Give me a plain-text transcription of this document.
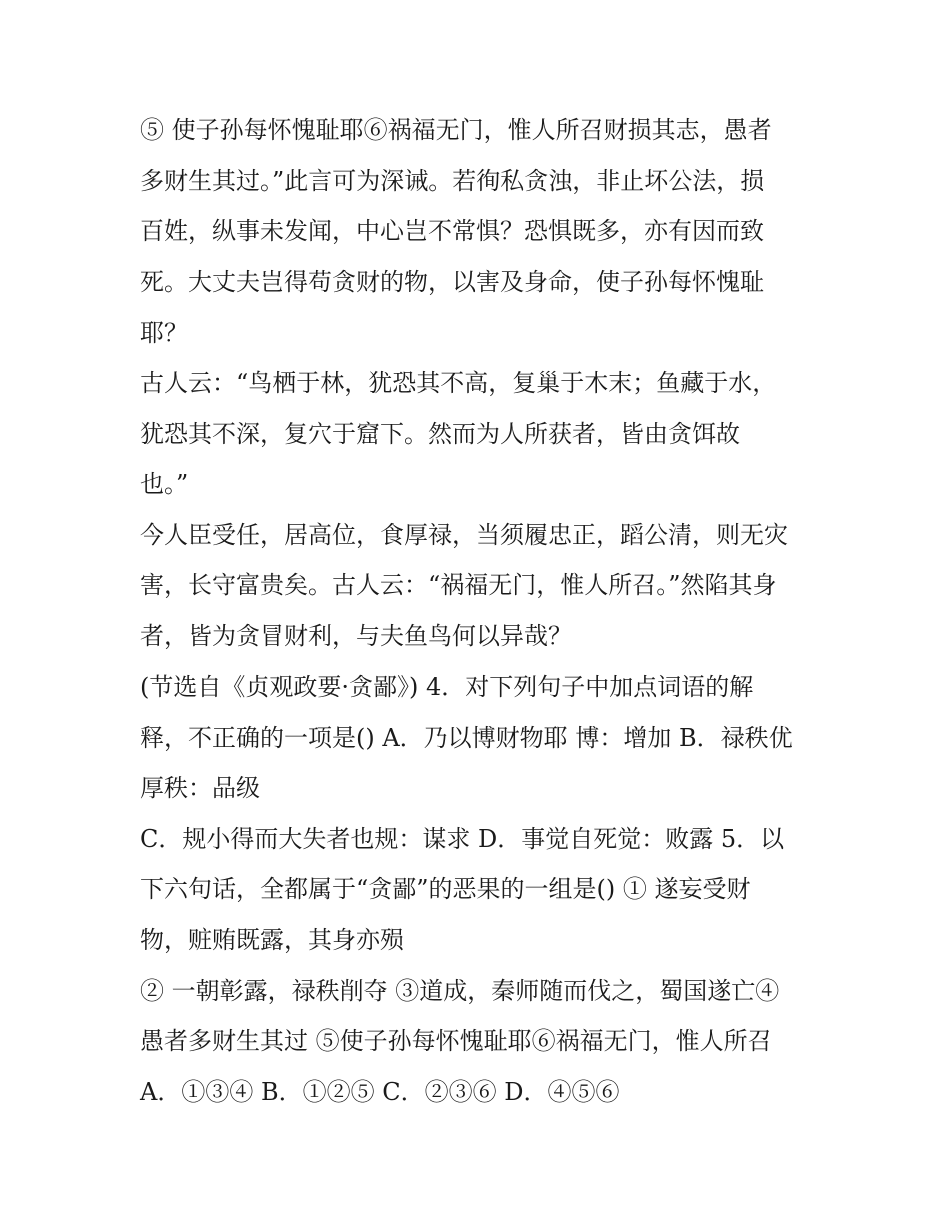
⑤ 使子孙每怀愧耻耶⑥祸福无门，惟人所召财损其志，愚者
多财生其过。”此言可为深诫。若徇私贪浊，非止坏公法，损
百姓，纵事未发闻，中心岂不常惧？恐惧既多，亦有因而致
死。大丈夫岂得苟贪财的物，以害及身命，使子孙每怀愧耻
耶？
古人云：“鸟栖于林，犹恐其不高，复巢于木末；鱼藏于水，
犹恐其不深，复穴于窟下。然而为人所获者，皆由贪饵故
也。”
今人臣受任，居高位，食厚禄，当须履忠正，蹈公清，则无灾
害，长守富贵矣。古人云：“祸福无门，惟人所召。”然陷其身
者，皆为贪冒财利，与夫鱼鸟何以异哉？
(节选自《贞观政要·贪鄙》) 4．对下列句子中加点词语的解
释，不正确的一项是() A．乃以博财物耶 博：增加 B．禄秩优
厚秩：品级
C．规小得而大失者也规：谋求 D．事觉自死觉：败露 5．以
下六句话，全都属于“贪鄙”的恶果的一组是() ① 遂妄受财
物，赃贿既露，其身亦殒
② 一朝彰露，禄秩削夺 ③道成，秦师随而伐之，蜀国遂亡④
愚者多财生其过 ⑤使子孙每怀愧耻耶⑥祸福无门，惟人所召
A．①③④ B．①②⑤ C．②③⑥ D．④⑤⑥
